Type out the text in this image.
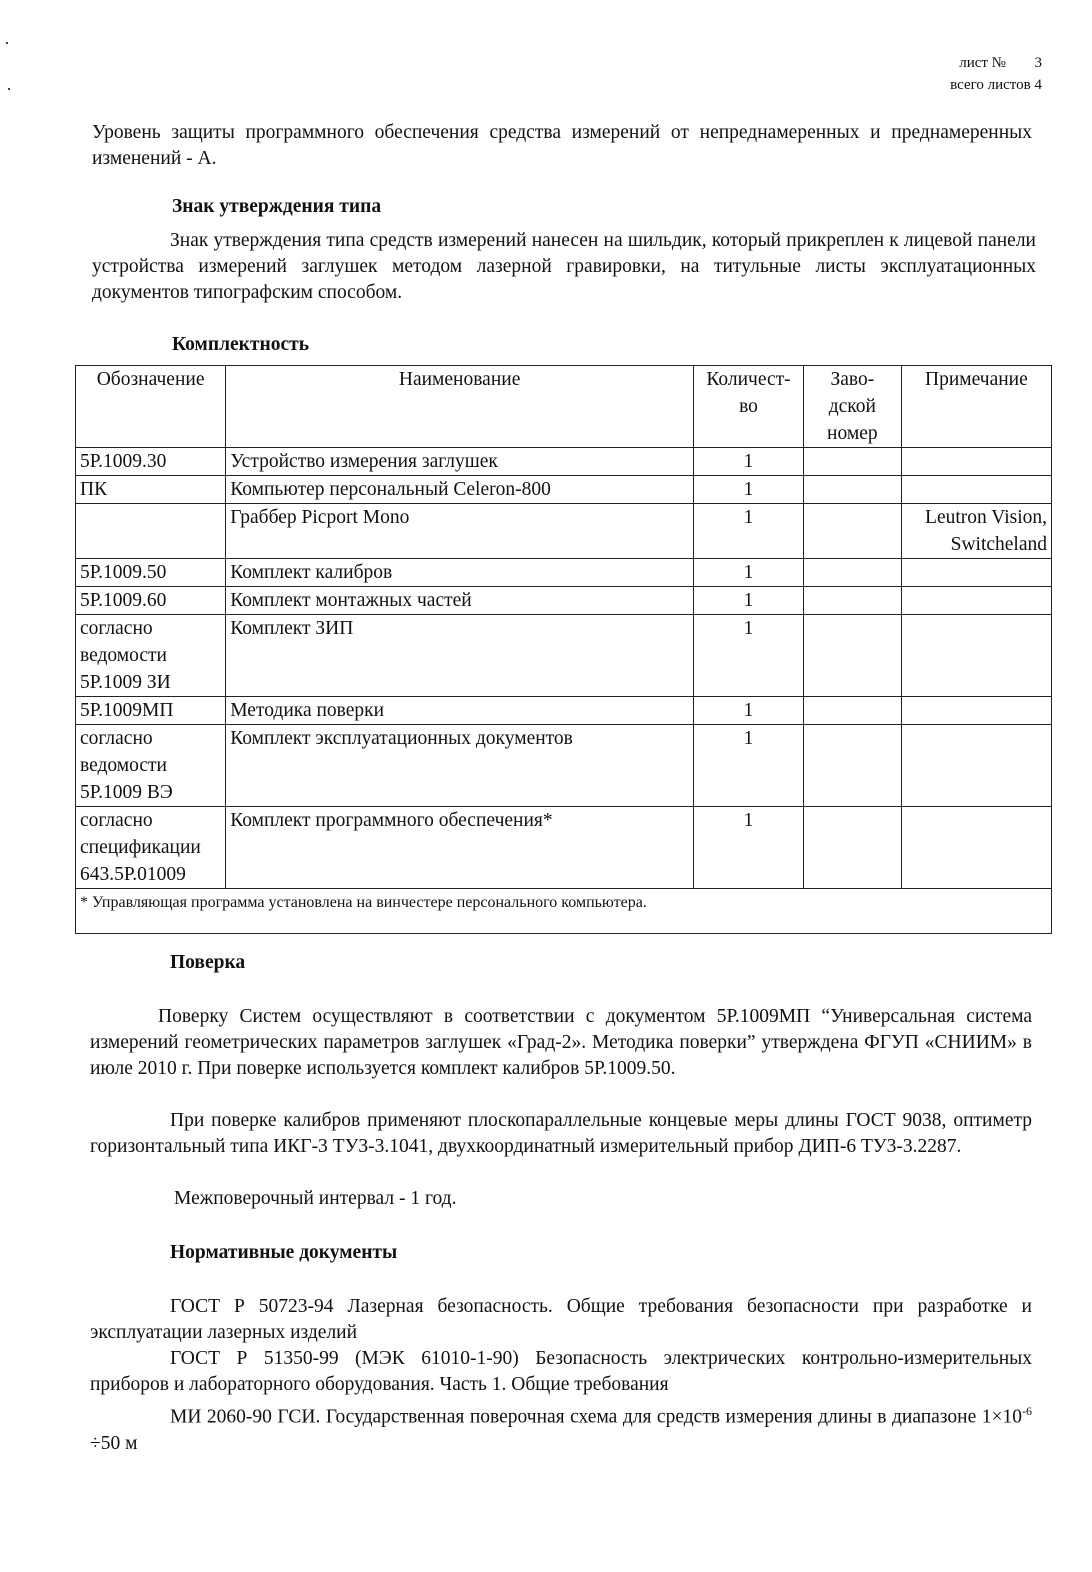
лист № 3
всего листов 4
Уровень защиты программного обеспечения средства измерений от непреднамеренных и преднамеренных изменений - А.
Знак утверждения типа
Знак утверждения типа средств измерений нанесен на шильдик, который прикреплен к лицевой панели устройства измерений заглушек методом лазерной гравировки, на титульные листы эксплуатационных документов типографским способом.
Комплектность
Обозначение	Наименование	Количест-во	Заво-дской номер	Примечание
5Р.1009.30	Устройство измерения заглушек	1		
ПК	Компьютер персональный Celeron-800	1		
	Граббер Picport Mono	1		Leutron Vision, Switcheland
5Р.1009.50	Комплект калибров	1		
5Р.1009.60	Комплект монтажных частей	1		
согласно ведомости 5Р.1009 ЗИ	Комплект ЗИП	1		
5Р.1009МП	Методика поверки	1		
согласно ведомости 5Р.1009 ВЭ	Комплект эксплуатационных документов	1		
согласно спецификации 643.5Р.01009	Комплект программного обеспечения*	1		
* Управляющая программа установлена на винчестере персонального компьютера.				
Поверка
Поверку Систем осуществляют в соответствии с документом 5Р.1009МП “Универсальная система измерений геометрических параметров заглушек «Град-2». Методика поверки” утверждена ФГУП «СНИИМ» в июле 2010 г. При поверке используется комплект калибров 5Р.1009.50.
При поверке калибров применяют плоскопараллельные концевые меры длины ГОСТ 9038, оптиметр горизонтальный типа ИКГ-3 ТУ3-3.1041, двухкоординатный измерительный прибор ДИП-6 ТУ3-3.2287.
Межповерочный интервал - 1 год.
Нормативные документы
ГОСТ Р 50723-94 Лазерная безопасность. Общие требования безопасности при разработке и эксплуатации лазерных изделий
ГОСТ Р 51350-99 (МЭК 61010-1-90) Безопасность электрических контрольно-измерительных приборов и лабораторного оборудования. Часть 1. Общие требования
МИ 2060-90 ГСИ. Государственная поверочная схема для средств измерения длины в диапазоне $1\times 10^{-6} \div 50$ м
